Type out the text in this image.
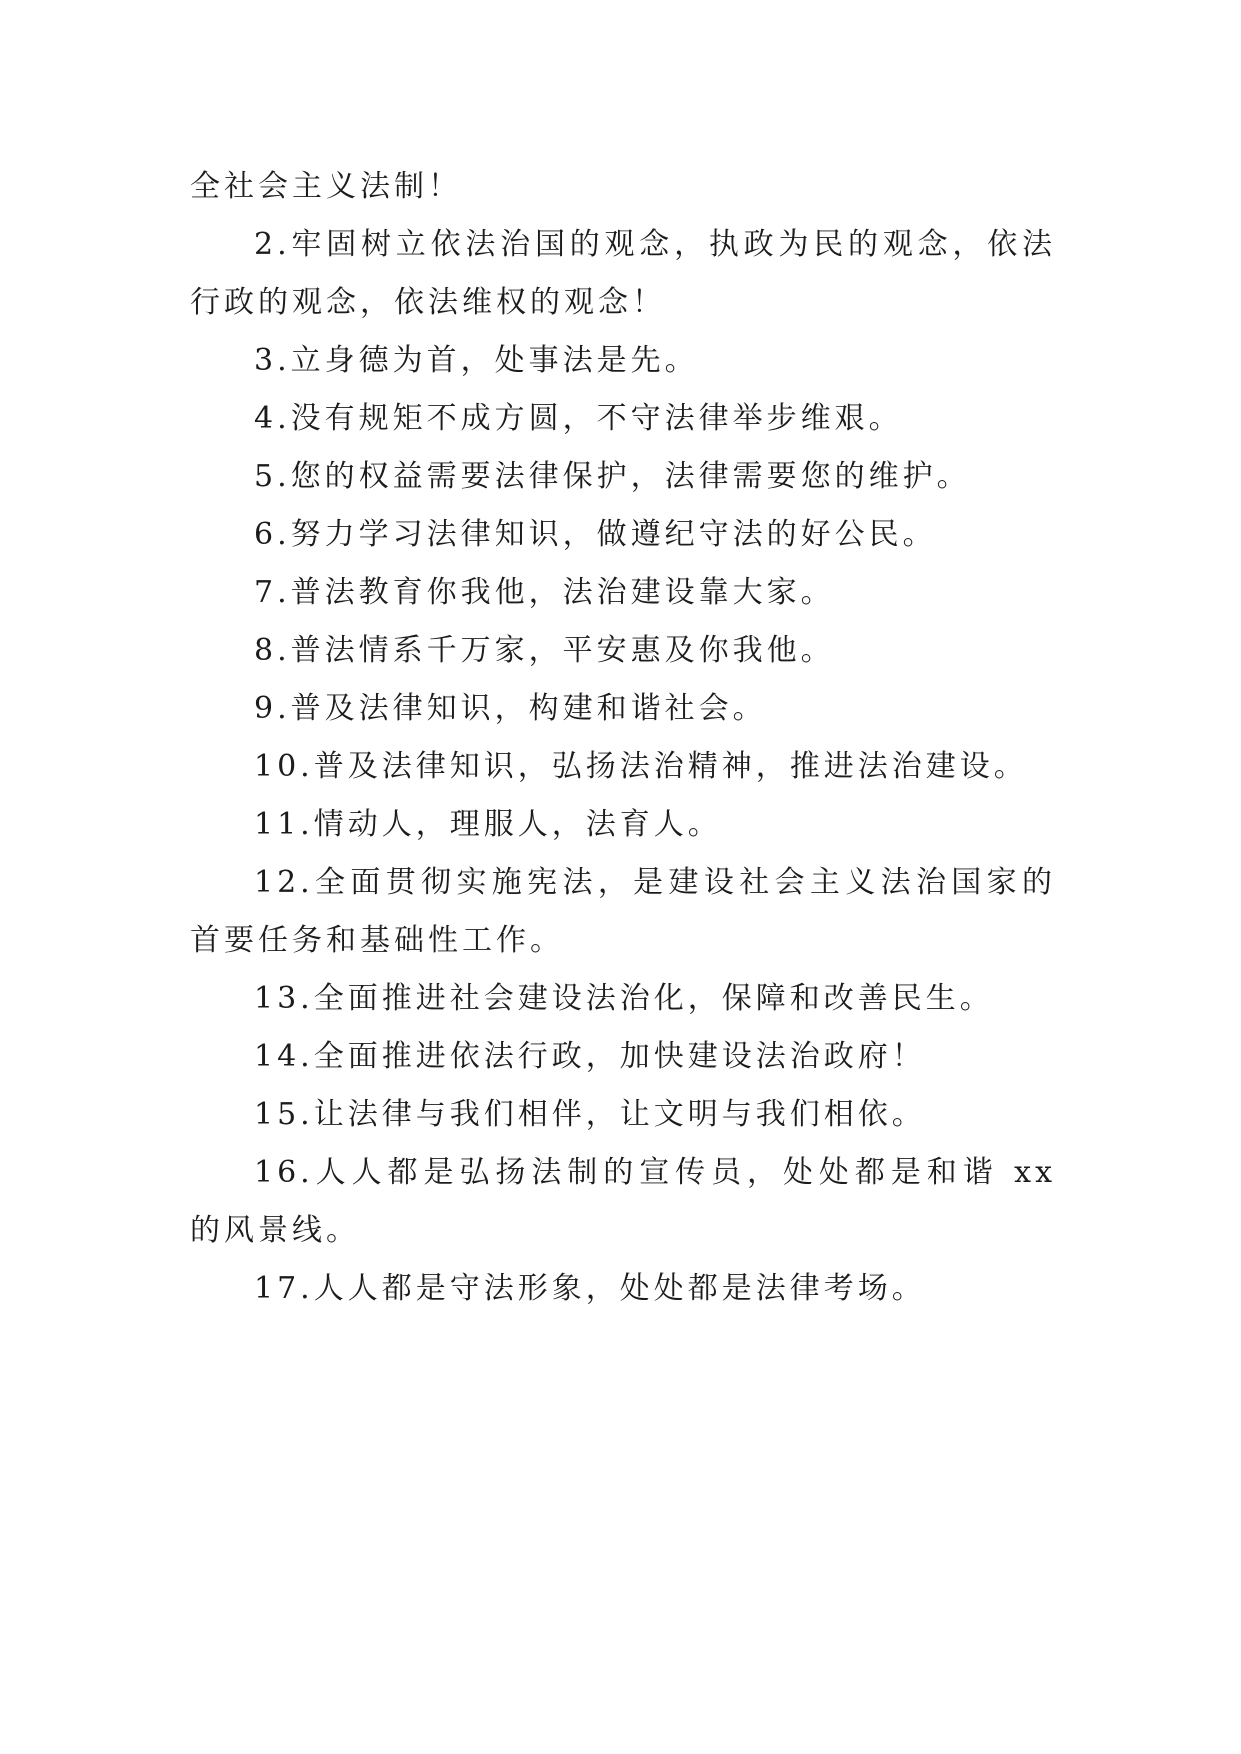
全社会主义法制！

2.牢固树立依法治国的观念，执政为民的观念，依法行政的观念，依法维权的观念！

3.立身德为首，处事法是先。

4.没有规矩不成方圆，不守法律举步维艰。

5.您的权益需要法律保护，法律需要您的维护。

6.努力学习法律知识，做遵纪守法的好公民。

7.普法教育你我他，法治建设靠大家。

8.普法情系千万家，平安惠及你我他。

9.普及法律知识，构建和谐社会。

10.普及法律知识，弘扬法治精神，推进法治建设。

11.情动人，理服人，法育人。

12.全面贯彻实施宪法，是建设社会主义法治国家的首要任务和基础性工作。

13.全面推进社会建设法治化，保障和改善民生。

14.全面推进依法行政，加快建设法治政府！

15.让法律与我们相伴，让文明与我们相依。

16.人人都是弘扬法制的宣传员，处处都是和谐 xx 的风景线。

17.人人都是守法形象，处处都是法律考场。
